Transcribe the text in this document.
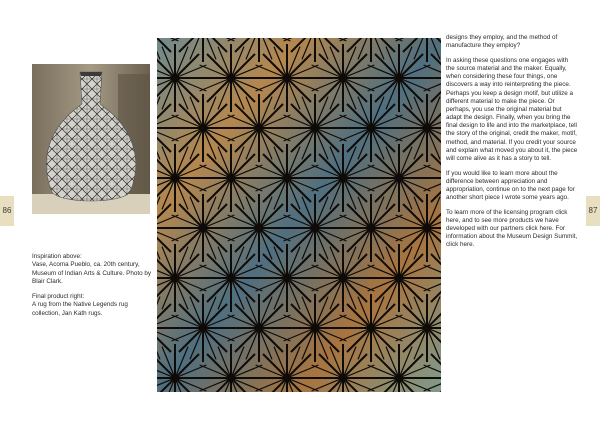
86	87

Inspiration above:
Vase, Acoma Pueblo, ca. 20th century, Museum of Indian Arts & Culture. Photo by Blair Clark.

Final product right:
A rug from the Native Legends rug collection, Jan Kath rugs.

designs they employ, and the method of manufacture they employ?

In asking these questions one engages with the source material and the maker. Equally, when considering these four things, one discovers a way into reinterpreting the piece. Perhaps you keep a design motif, but utilize a different material to make the piece. Or perhaps, you use the original material but adapt the design. Finally, when you bring the final design to life and into the marketplace, tell the story of the original, credit the maker, motif, method, and material. If you credit your source and explain what moved you about it, the piece will come alive as it has a story to tell.

If you would like to learn more about the difference between appreciation and appropriation, continue on to the next page for another short piece I wrote some years ago.

To learn more of the licensing program click here, and to see more products we have developed with our partners click here. For information about the Museum Design Summit, click here.
